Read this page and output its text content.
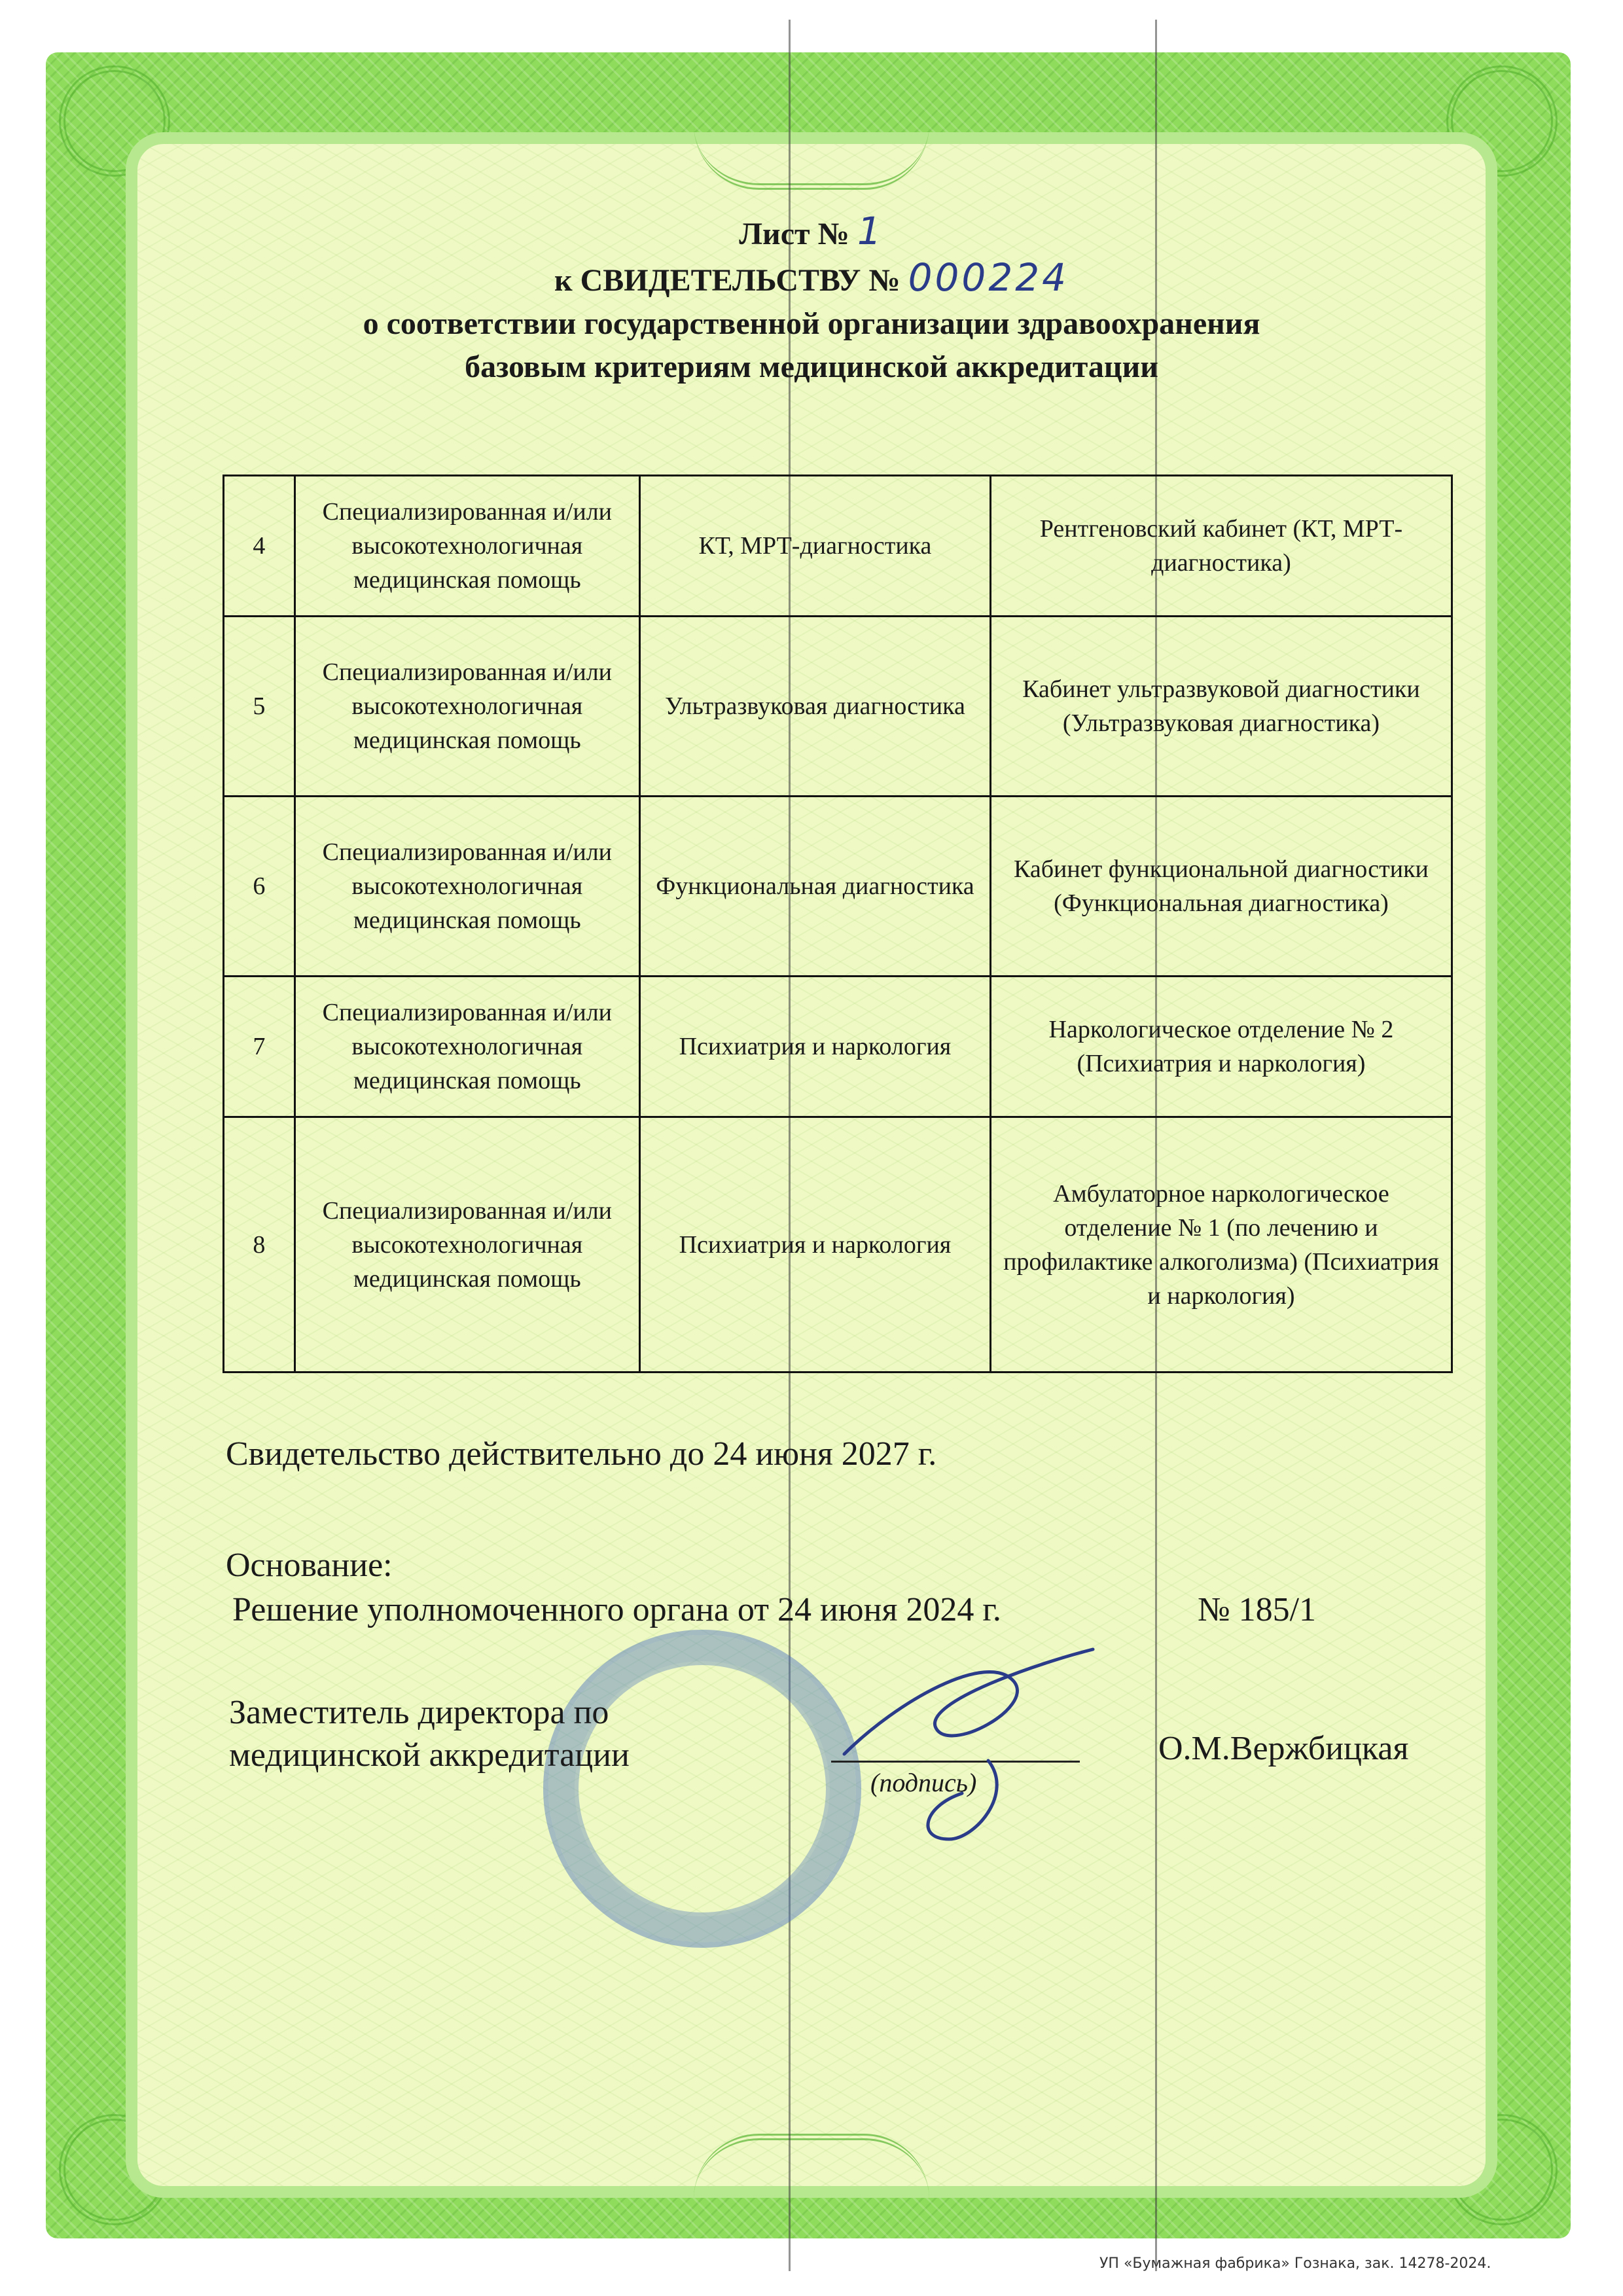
Лист № 1
к СВИДЕТЕЛЬСТВУ № 000224
о соответствии государственной организации здравоохранения
базовым критериям медицинской аккредитации
4	Специализированная и/или высокотехнологичная медицинская помощь	КТ, МРТ-диагностика	Рентгеновский кабинет (КТ, МРТ-диагностика)
5	Специализированная и/или высокотехнологичная медицинская помощь	Ультразвуковая диагностика	Кабинет ультразвуковой диагностики (Ультразвуковая диагностика)
6	Специализированная и/или высокотехнологичная медицинская помощь	Функциональная диагностика	Кабинет функциональной диагностики (Функциональная диагностика)
7	Специализированная и/или высокотехнологичная медицинская помощь	Психиатрия и наркология	Наркологическое отделение № 2 (Психиатрия и наркология)
8	Специализированная и/или высокотехнологичная медицинская помощь	Психиатрия и наркология	Амбулаторное наркологическое отделение № 1 (по лечению и профилактике алкоголизма) (Психиатрия и наркология)
Свидетельство действительно до 24 июня 2027 г.
Основание:
Решение уполномоченного органа от 24 июня 2024 г.	№ 185/1
Заместитель директора по
медицинской аккредитации
(подпись)
О.М.Вержбицкая
УП «Бумажная фабрика» Гознака, зак. 14278-2024.
